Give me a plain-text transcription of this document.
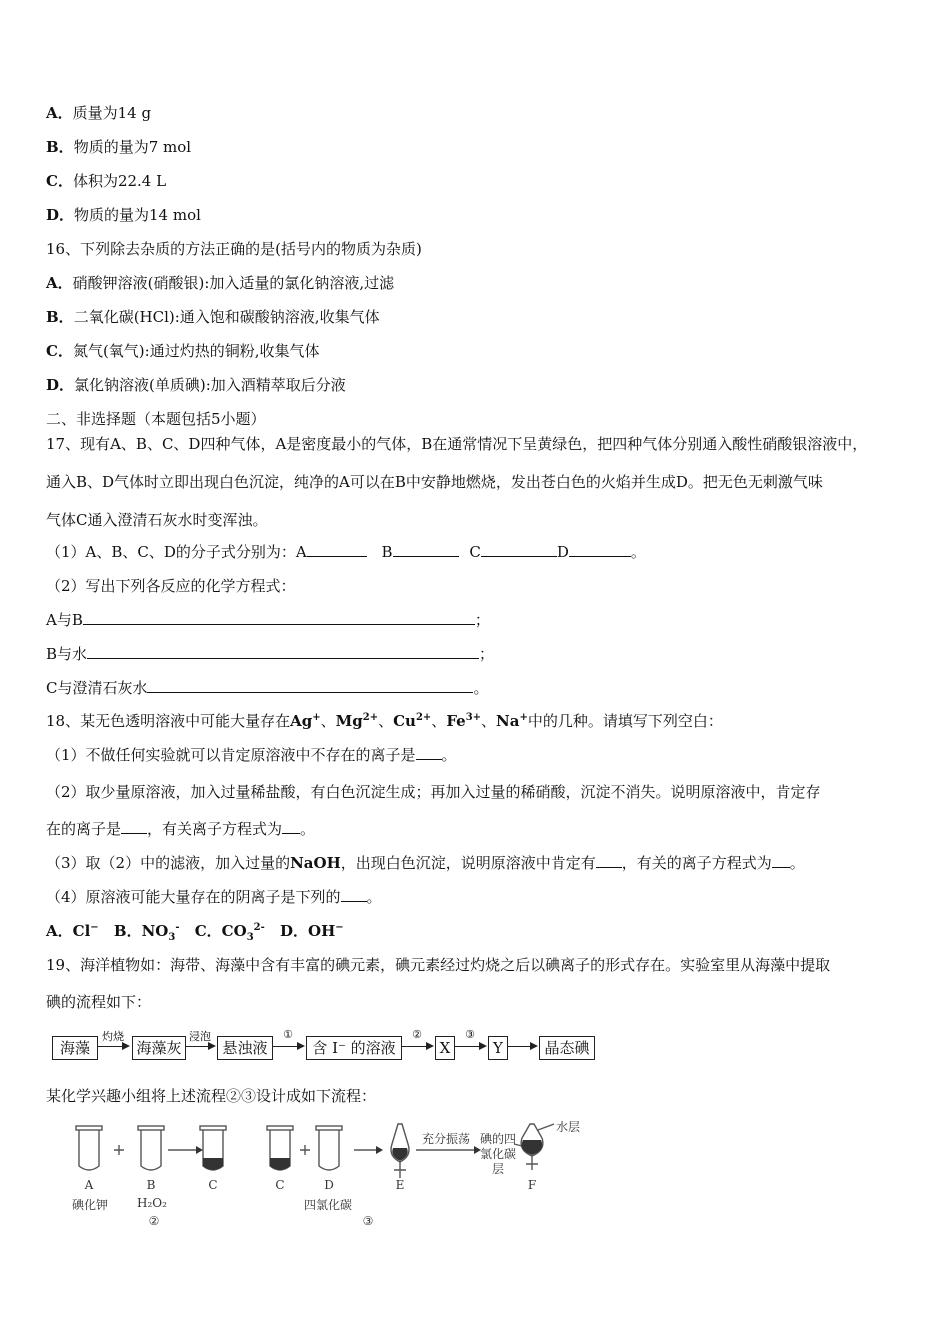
A．质量为14 g
B．物质的量为7 mol
C．体积为22.4 L
D．物质的量为14 mol
16、下列除去杂质的方法正确的是(括号内的物质为杂质)
A．硝酸钾溶液(硝酸银):加入适量的氯化钠溶液,过滤
B．二氧化碳(HCl):通入饱和碳酸钠溶液,收集气体
C．氮气(氧气):通过灼热的铜粉,收集气体
D．氯化钠溶液(单质碘):加入酒精萃取后分液
二、非选择题（本题包括5小题）
17、现有A、B、C、D四种气体，A是密度最小的气体，B在通常情况下呈黄绿色，把四种气体分别通入酸性硝酸银溶液中，
通入B、D气体时立即出现白色沉淀，纯净的A可以在B中安静地燃烧，发出苍白色的火焰并生成D。把无色无刺激气味
气体C通入澄清石灰水时变浑浊。
（1）A、B、C、D的分子式分别为：A	B	C	D	。
（2）写出下列各反应的化学方程式：
A与B	；
B与水	；
C与澄清石灰水	。
18、某无色透明溶液中可能大量存在Ag+、$Mg^{2+}$、$Cu^{2+}$、$Fe^{3+}$、Na+中的几种。请填写下列空白：
（1）不做任何实验就可以肯定原溶液中不存在的离子是 。
（2）取少量原溶液，加入过量稀盐酸，有白色沉淀生成；再加入过量的稀硝酸，沉淀不消失。说明原溶液中，肯定存
在的离子是 ，有关离子方程式为 。
（3）取（2）中的滤液，加入过量的NaOH，出现白色沉淀，说明原溶液中肯定有 ，有关的离子方程式为 。
（4）原溶液可能大量存在的阴离子是下列的 。
A．Cl− B．$NO_3^-$ C．$CO_3^{2-}$ D．OH−
19、海洋植物如：海带、海藻中含有丰富的碘元素，碘元素经过灼烧之后以碘离子的形式存在。实验室里从海藻中提取
碘的流程如下：
海藻
灼烧
海藻灰
浸泡
悬浊液
①
含 I⁻ 的溶液
②
X
③
Y	晶态碘
某化学兴趣小组将上述流程②③设计成如下流程：
A	B	C	C	D	E	F
碘化钾	H₂O₂	四氯化碳
②	③
充分振荡
水层
碘的四
氯化碳
层
